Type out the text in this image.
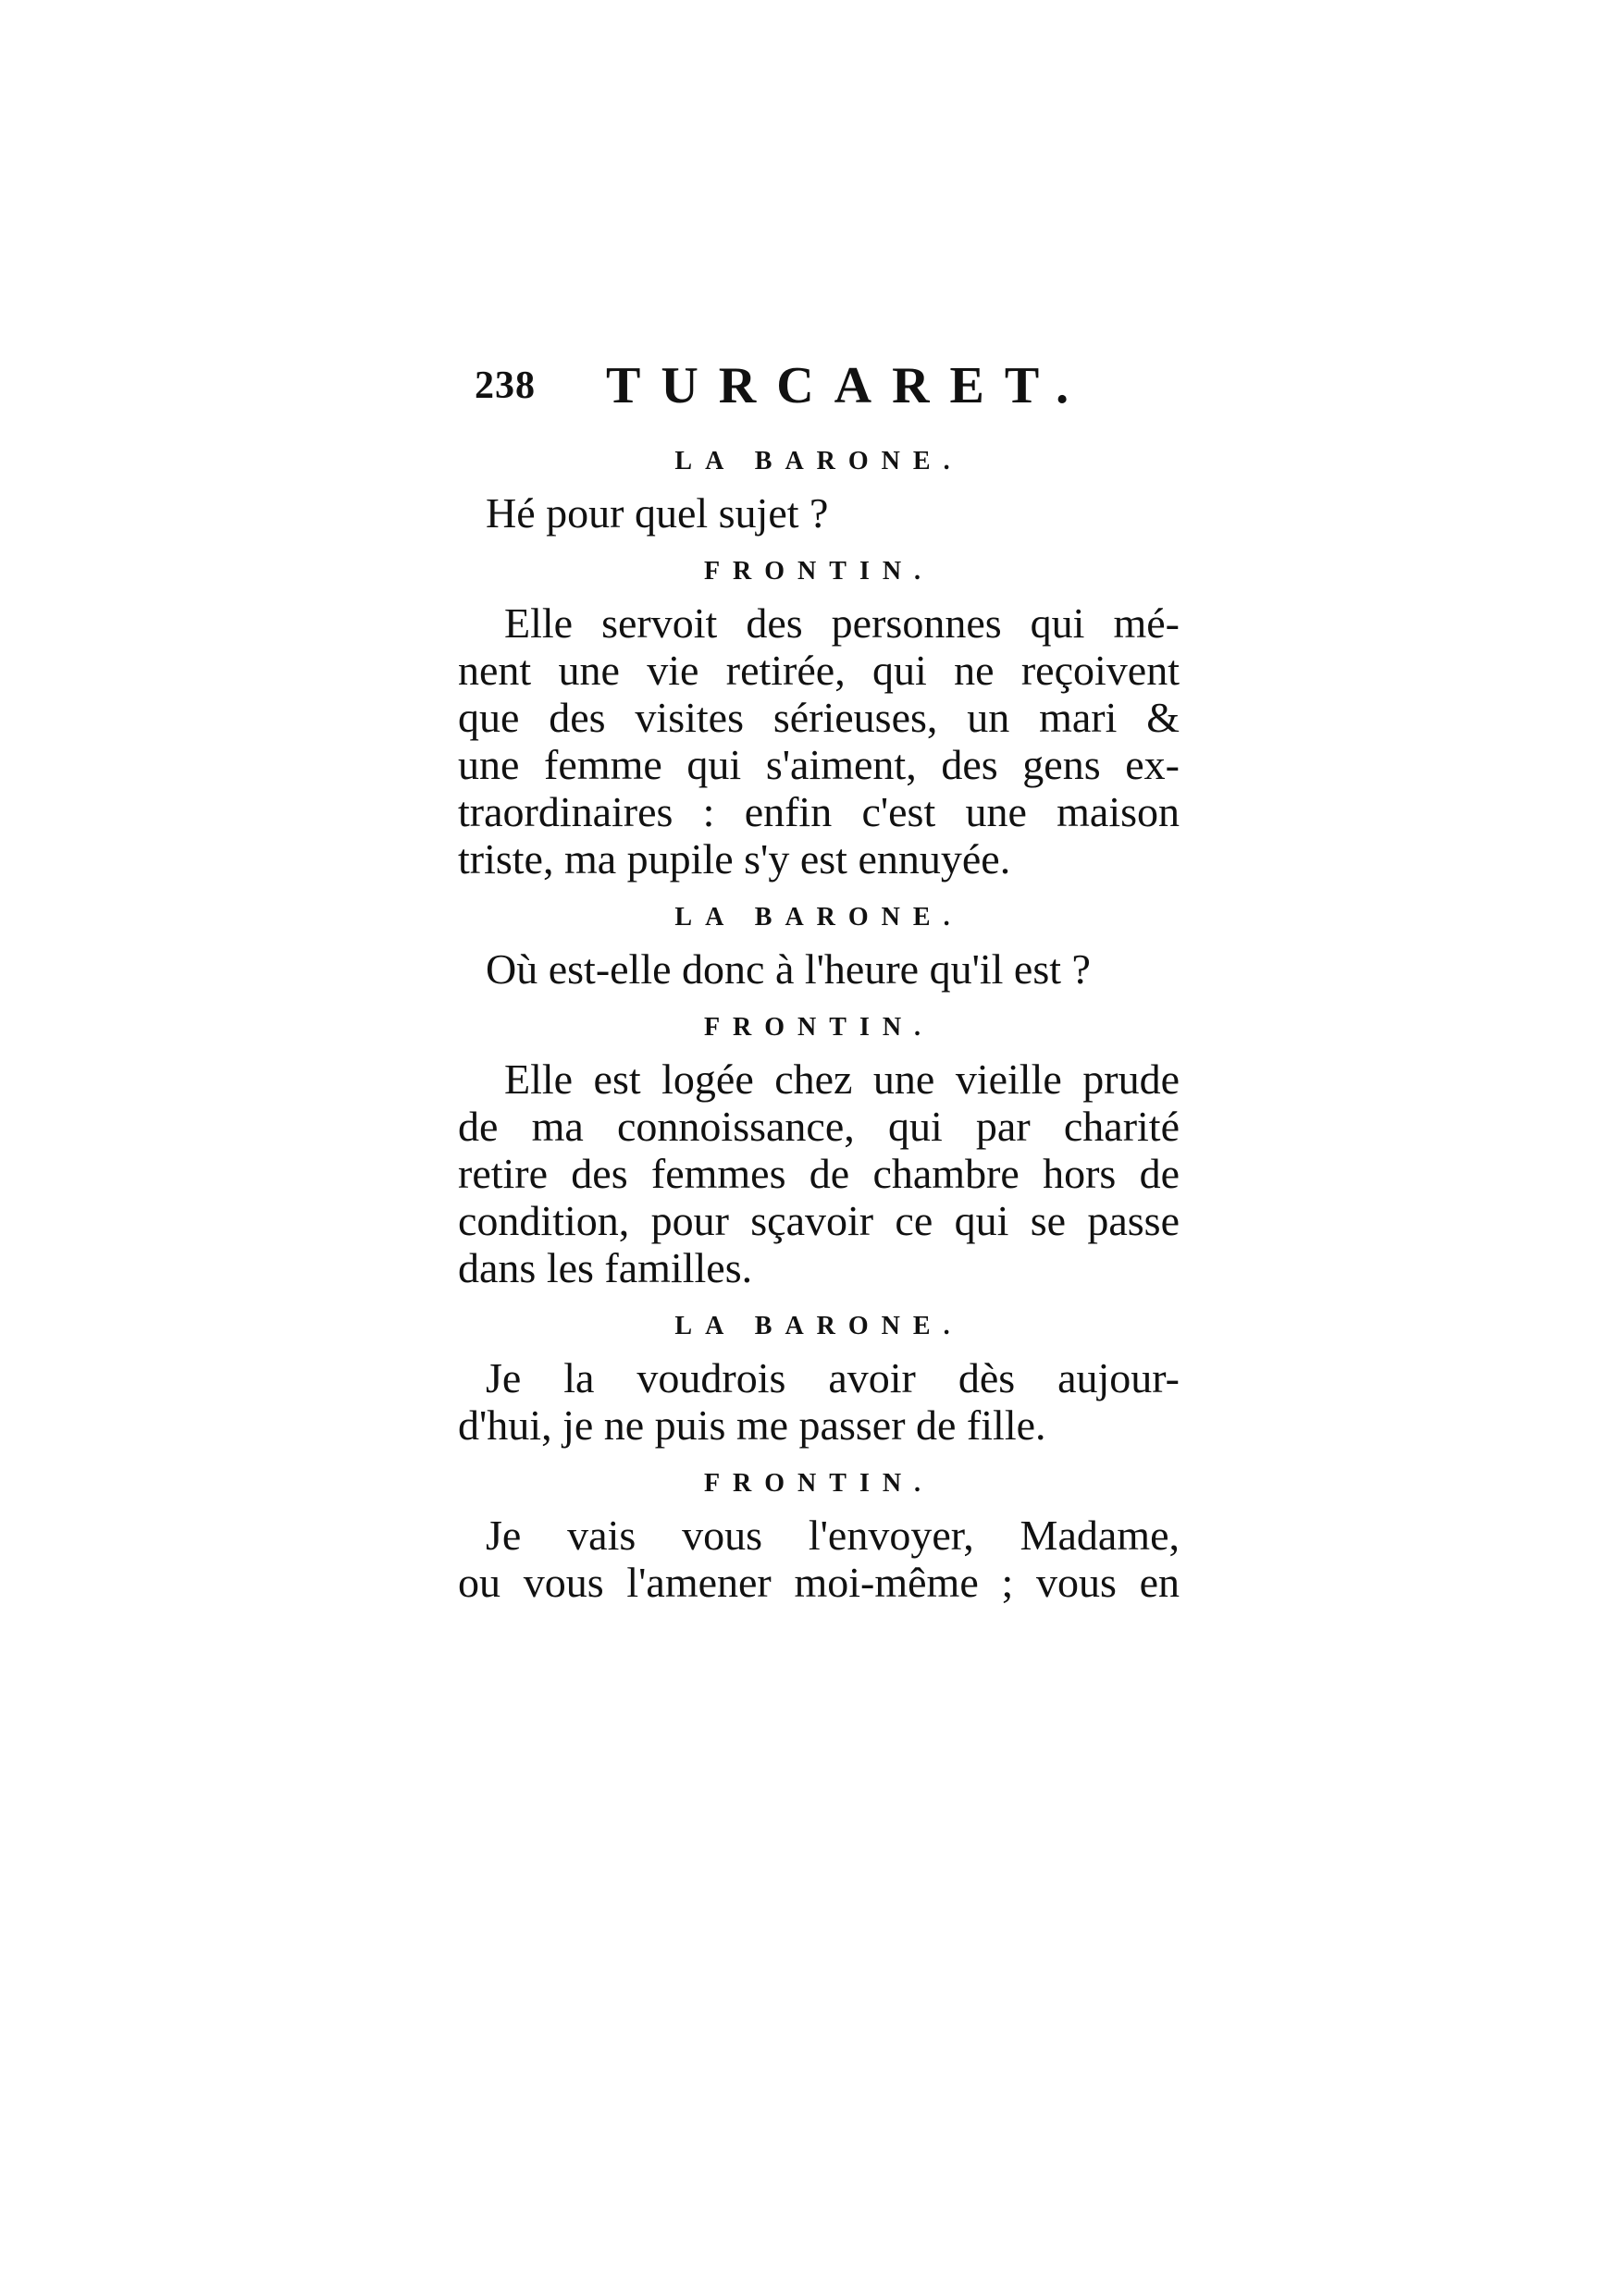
238 TURCARET.
LA BARONE.
Hé pour quel sujet ?
FRONTIN.
Elle servoit des personnes qui mé-
nent une vie retirée, qui ne reçoivent
que des visites sérieuses, un mari &
une femme qui s'aiment, des gens ex-
traordinaires : enfin c'est une maison
triste, ma pupile s'y est ennuyée.
LA BARONE.
Où est-elle donc à l'heure qu'il est ?
FRONTIN.
Elle est logée chez une vieille prude
de ma connoissance, qui par charité
retire des femmes de chambre hors de
condition, pour sçavoir ce qui se passe
dans les familles.
LA BARONE.
Je la voudrois avoir dès aujour-
d'hui, je ne puis me passer de fille.
FRONTIN.
Je vais vous l'envoyer, Madame,
ou vous l'amener moi-même ; vous en
